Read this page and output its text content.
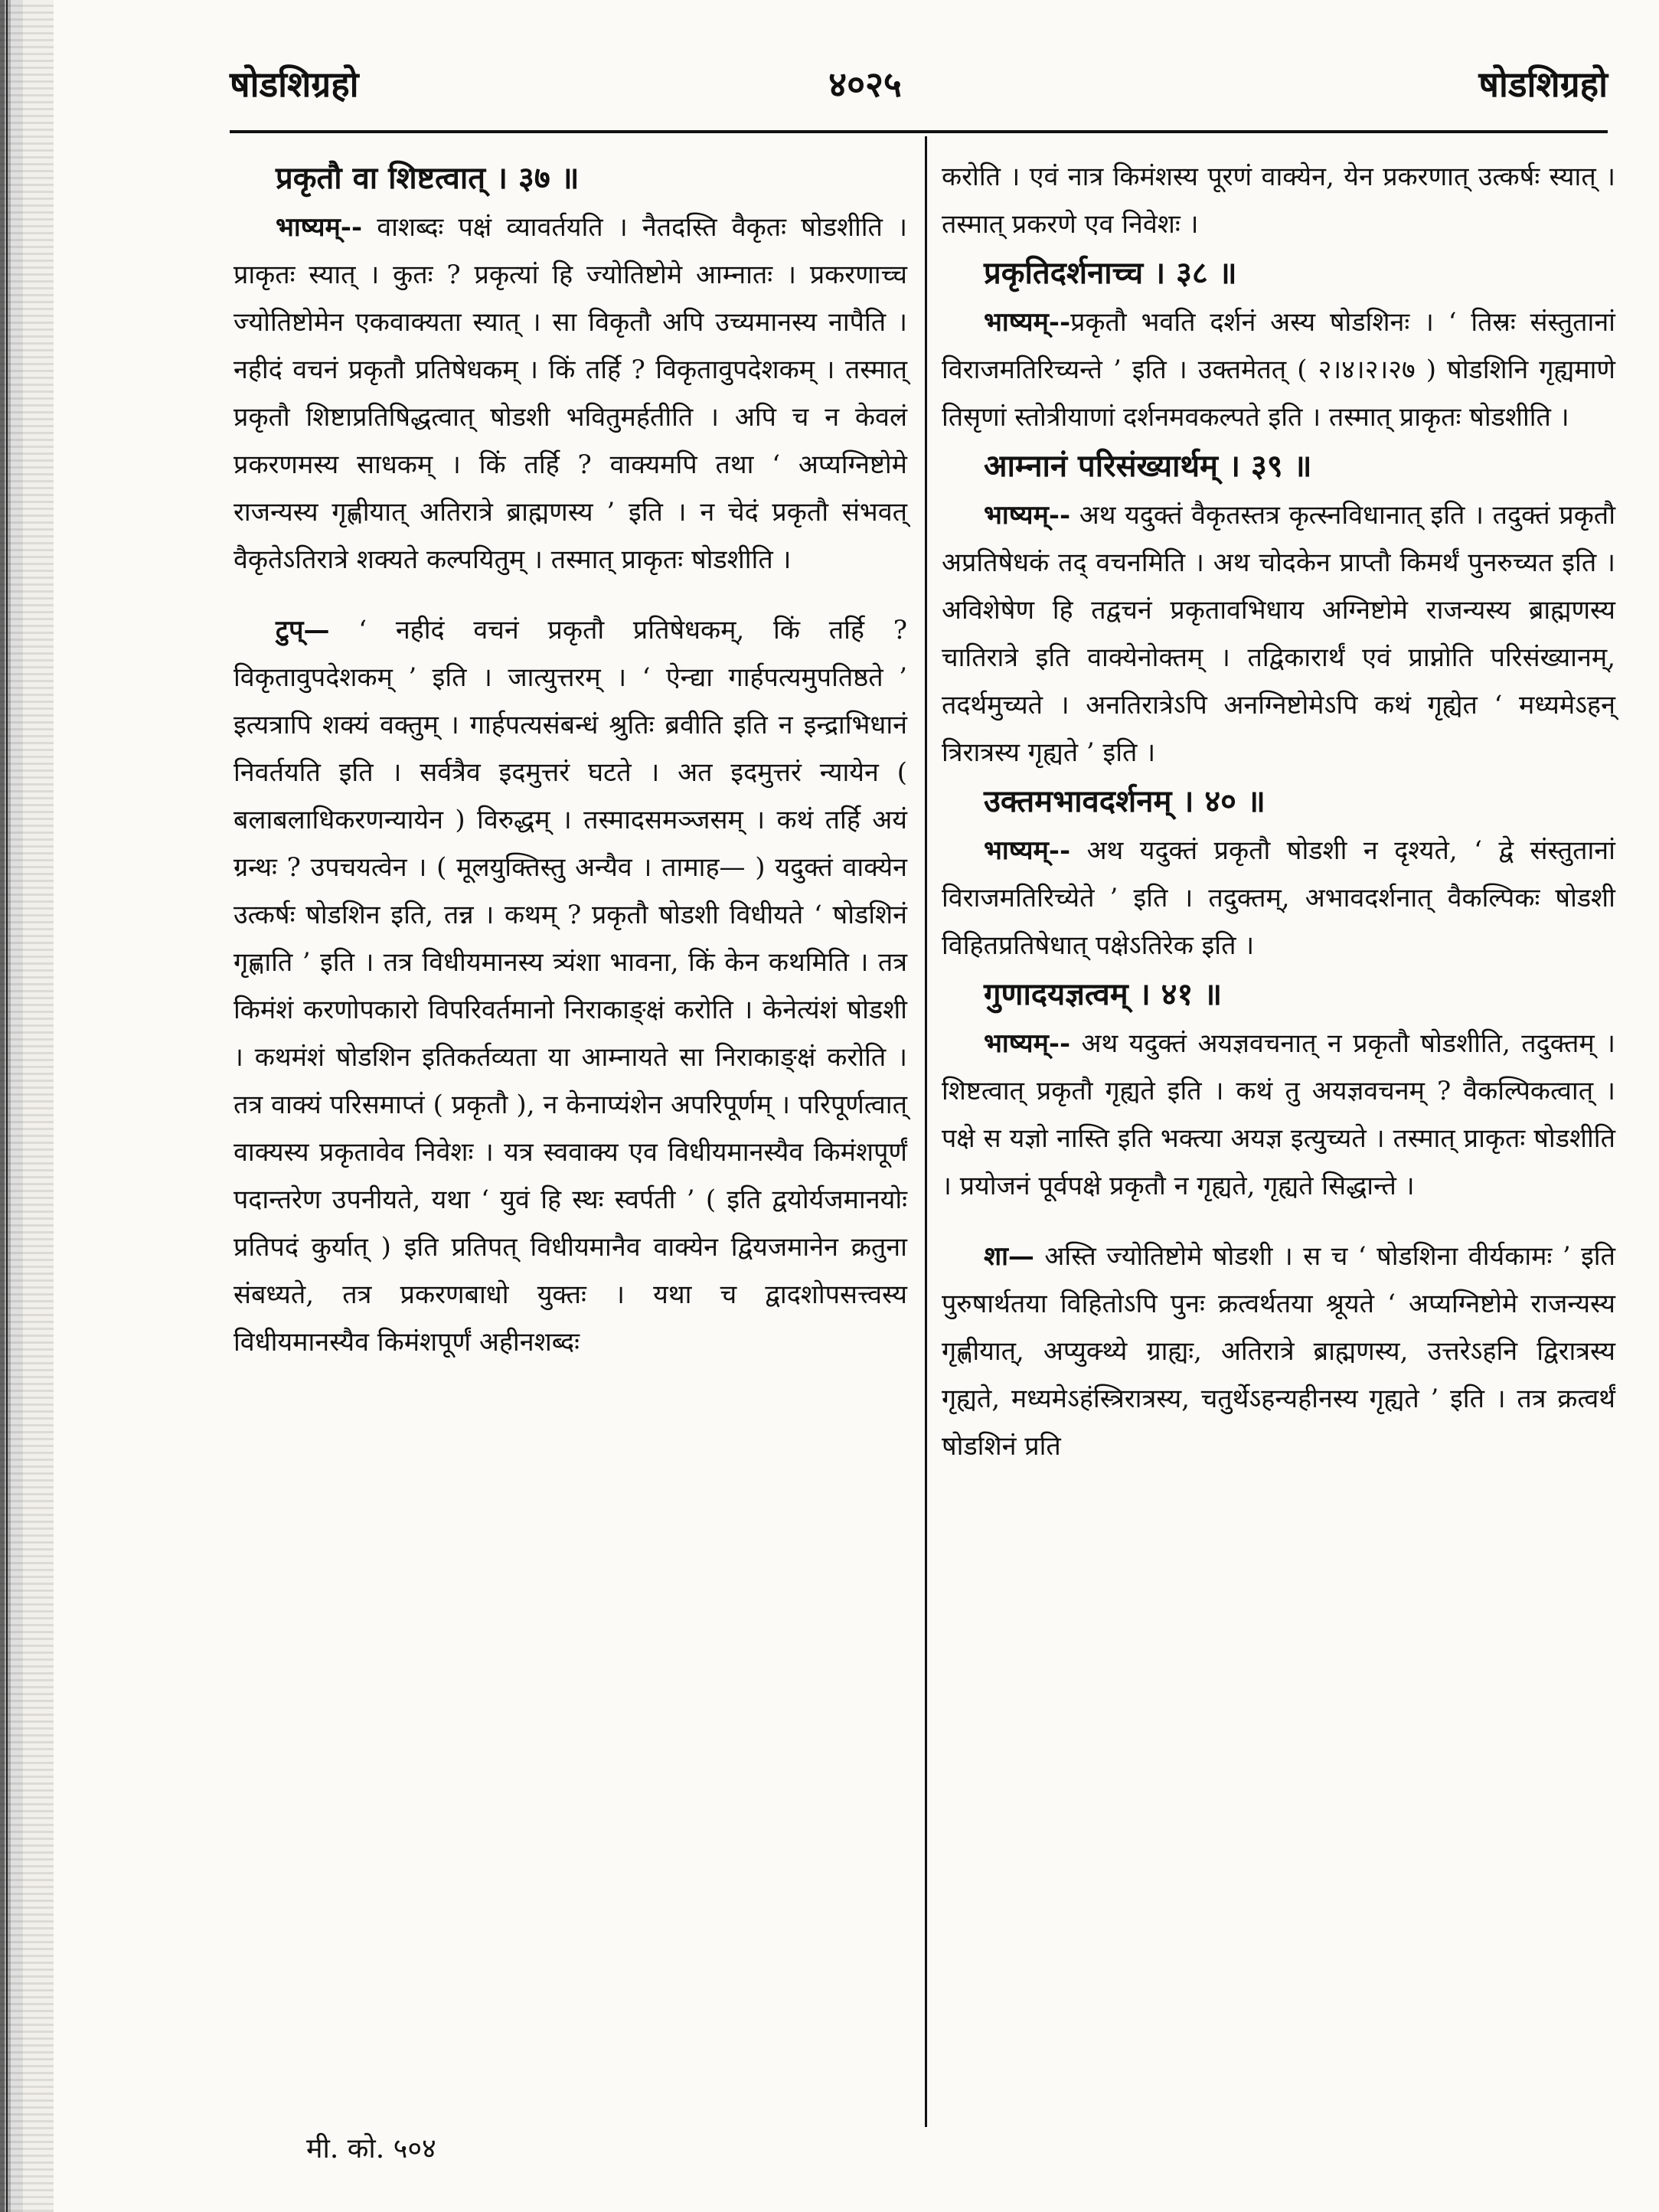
षोडशिग्रहो	४०२५	षोडशिग्रहो

प्रकृतौ वा शिष्टत्वात् । ३७ ॥

भाष्यम्-- वाशब्दः पक्षं व्यावर्तयति । नैतदस्ति वैकृतः षोडशीति । प्राकृतः स्यात् । कुतः ? प्रकृत्यां हि ज्योतिष्टोमे आम्नातः । प्रकरणाच्च ज्योतिष्टोमेन एकवाक्यता स्यात् । सा विकृतौ अपि उच्यमानस्य नापैति । नहीदं वचनं प्रकृतौ प्रतिषेधकम् । किं तर्हि ? विकृतावुपदेशकम् । तस्मात् प्रकृतौ शिष्टाप्रतिषिद्धत्वात् षोडशी भवितुमर्हतीति । अपि च न केवलं प्रकरणमस्य साधकम् । किं तर्हि ? वाक्यमपि तथा ‘ अप्यग्निष्टोमे राजन्यस्य गृह्णीयात् अतिरात्रे ब्राह्मणस्य ’ इति । न चेदं प्रकृतौ संभवत् वैकृतेऽतिरात्रे शक्यते कल्पयितुम् । तस्मात् प्राकृतः षोडशीति ।

टुप्— ‘ नहीदं वचनं प्रकृतौ प्रतिषेधकम्, किं तर्हि ? विकृतावुपदेशकम् ’ इति । जात्युत्तरम् । ‘ ऐन्द्या गार्हपत्यमुपतिष्ठते ’ इत्यत्रापि शक्यं वक्तुम् । गार्हपत्यसंबन्धं श्रुतिः ब्रवीति इति न इन्द्राभिधानं निवर्तयति इति । सर्वत्रैव इदमुत्तरं घटते । अत इदमुत्तरं न्यायेन ( बलाबलाधिकरणन्यायेन ) विरुद्धम् । तस्मादसमञ्जसम् । कथं तर्हि अयं ग्रन्थः ? उपचयत्वेन । ( मूलयुक्तिस्तु अन्यैव । तामाह— ) यदुक्तं वाक्येन उत्कर्षः षोडशिन इति, तन्न । कथम् ? प्रकृतौ षोडशी विधीयते ‘ षोडशिनं गृह्णाति ’ इति । तत्र विधीयमानस्य त्र्यंशा भावना, किं केन कथमिति । तत्र किमंशं करणोपकारो विपरिवर्तमानो निराकाङ्क्षं करोति । केनेत्यंशं षोडशी । कथमंशं षोडशिन इतिकर्तव्यता या आम्नायते सा निराकाङ्क्षं करोति । तत्र वाक्यं परिसमाप्तं ( प्रकृतौ ), न केनाप्यंशेन अपरिपूर्णम् । परिपूर्णत्वात् वाक्यस्य प्रकृतावेव निवेशः । यत्र स्ववाक्य एव विधीयमानस्यैव किमंशपूर्णं पदान्तरेण उपनीयते, यथा ‘ युवं हि स्थः स्वर्पती ’ ( इति द्वयोर्यजमानयोः प्रतिपदं कुर्यात् ) इति प्रतिपत् विधीयमानैव वाक्येन द्वियजमानेन क्रतुना संबध्यते, तत्र प्रकरणबाधो युक्तः । यथा च द्वादशोपसत्त्वस्य विधीयमानस्यैव किमंशपूर्णं अहीनशब्दः

करोति । एवं नात्र किमंशस्य पूरणं वाक्येन, येन प्रकरणात् उत्कर्षः स्यात् । तस्मात् प्रकरणे एव निवेशः ।

प्रकृतिदर्शनाच्च । ३८ ॥

भाष्यम्--प्रकृतौ भवति दर्शनं अस्य षोडशिनः । ‘ तिस्रः संस्तुतानां विराजमतिरिच्यन्ते ’ इति । उक्तमेतत् ( २।४।२।२७ ) षोडशिनि गृह्यमाणे तिसृणां स्तोत्रीयाणां दर्शनमवकल्पते इति । तस्मात् प्राकृतः षोडशीति ।

आम्नानं परिसंख्यार्थम् । ३९ ॥

भाष्यम्-- अथ यदुक्तं वैकृतस्तत्र कृत्स्नविधानात् इति । तदुक्तं प्रकृतौ अप्रतिषेधकं तद् वचनमिति । अथ चोदकेन प्राप्तौ किमर्थं पुनरुच्यत इति । अविशेषेण हि तद्वचनं प्रकृतावभिधाय अग्निष्टोमे राजन्यस्य ब्राह्मणस्य चातिरात्रे इति वाक्येनोक्तम् । तद्विकारार्थं एवं प्राप्नोति परिसंख्यानम्, तदर्थमुच्यते । अनतिरात्रेऽपि अनग्निष्टोमेऽपि कथं गृह्येत ‘ मध्यमेऽहन् त्रिरात्रस्य गृह्यते ’ इति ।

उक्तमभावदर्शनम् । ४० ॥

भाष्यम्-- अथ यदुक्तं प्रकृतौ षोडशी न दृश्यते, ‘ द्वे संस्तुतानां विराजमतिरिच्येते ’ इति । तदुक्तम्, अभावदर्शनात् वैकल्पिकः षोडशी विहितप्रतिषेधात् पक्षेऽतिरेक इति ।

गुणादयज्ञत्वम् । ४१ ॥

भाष्यम्-- अथ यदुक्तं अयज्ञवचनात् न प्रकृतौ षोडशीति, तदुक्तम् । शिष्टत्वात् प्रकृतौ गृह्यते इति । कथं तु अयज्ञवचनम् ? वैकल्पिकत्वात् । पक्षे स यज्ञो नास्ति इति भक्त्या अयज्ञ इत्युच्यते । तस्मात् प्राकृतः षोडशीति । प्रयोजनं पूर्वपक्षे प्रकृतौ न गृह्यते, गृह्यते सिद्धान्ते ।

शा— अस्ति ज्योतिष्टोमे षोडशी । स च ‘ षोडशिना वीर्यकामः ’ इति पुरुषार्थतया विहितोऽपि पुनः क्रत्वर्थतया श्रूयते ‘ अप्यग्निष्टोमे राजन्यस्य गृह्णीयात्, अप्युक्थ्ये ग्राह्यः, अतिरात्रे ब्राह्मणस्य, उत्तरेऽहनि द्विरात्रस्य गृह्यते, मध्यमेऽहंस्त्रिरात्रस्य, चतुर्थेऽहन्यहीनस्य गृह्यते ’ इति । तत्र क्रत्वर्थं षोडशिनं प्रति

मी. को. ५०४
